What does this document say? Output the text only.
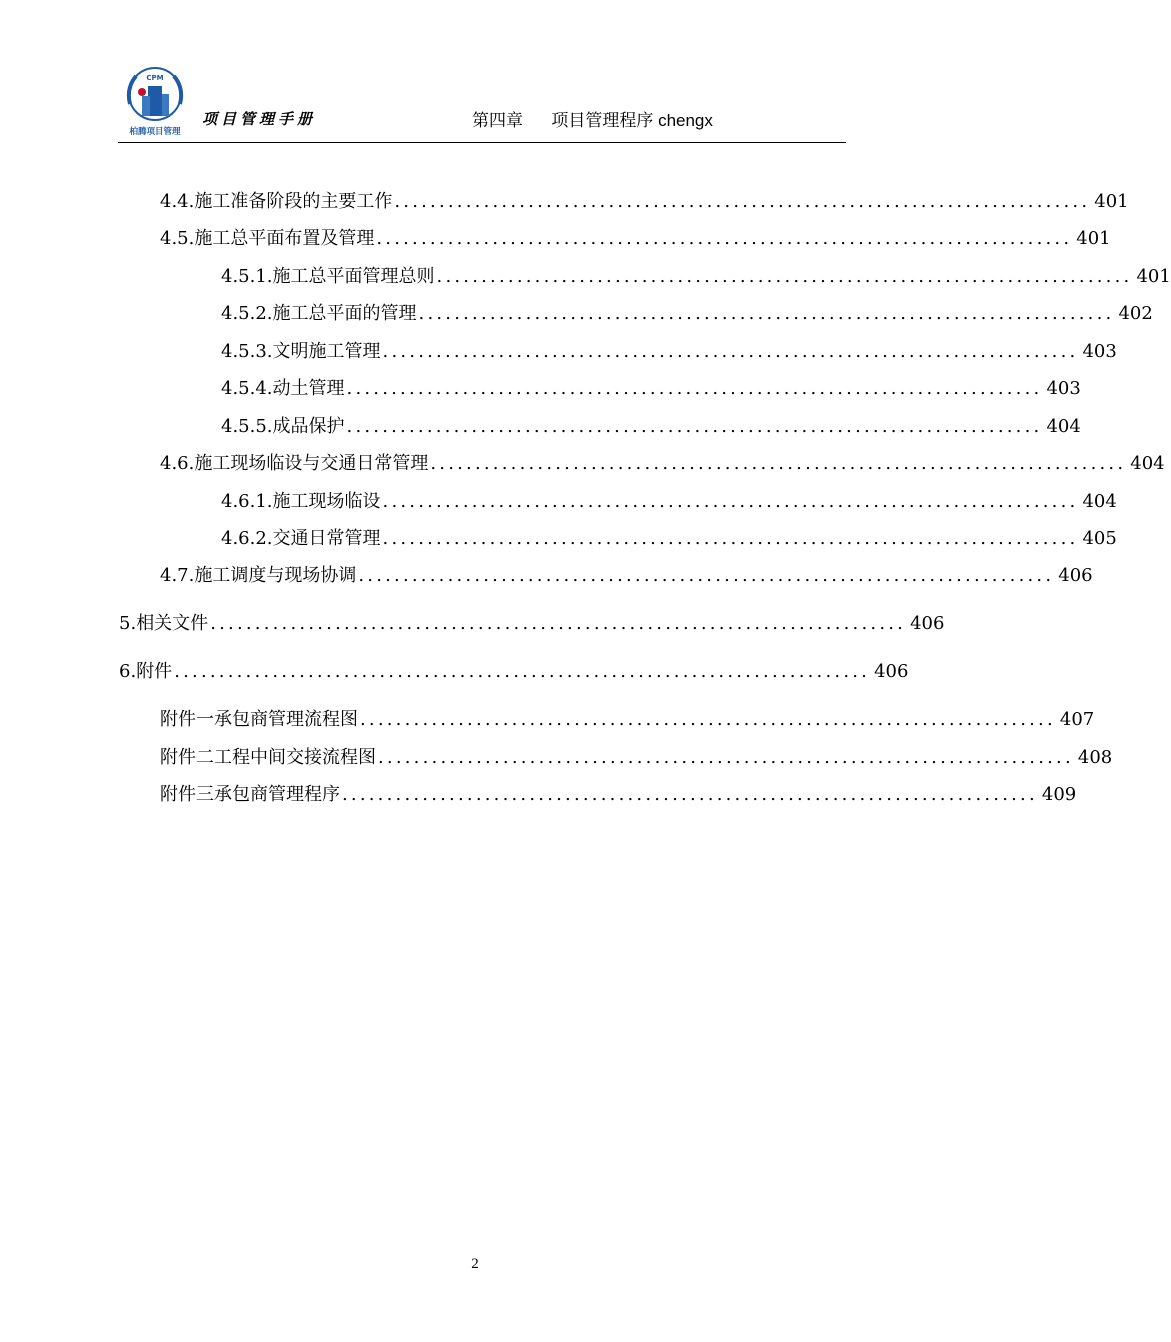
CPM
柏腾项目管理
项目管理手册	第四章 项目管理程序 chengx
4.4. 施工准备阶段的主要工作 .............................................................................. 401
4.5. 施工总平面布置及管理 .............................................................................. 401
4.5.1. 施工总平面管理总则 .............................................................................. 401
4.5.2. 施工总平面的管理 .............................................................................. 402
4.5.3. 文明施工管理 .............................................................................. 403
4.5.4. 动土管理 .............................................................................. 403
4.5.5. 成品保护 .............................................................................. 404
4.6. 施工现场临设与交通日常管理 .............................................................................. 404
4.6.1. 施工现场临设 .............................................................................. 404
4.6.2. 交通日常管理 .............................................................................. 405
4.7. 施工调度与现场协调 .............................................................................. 406
5. 相关文件 .............................................................................. 406
6. 附件 .............................................................................. 406
附件一 承包商管理流程图 .............................................................................. 407
附件二 工程中间交接流程图 .............................................................................. 408
附件三 承包商管理程序 .............................................................................. 409
2
